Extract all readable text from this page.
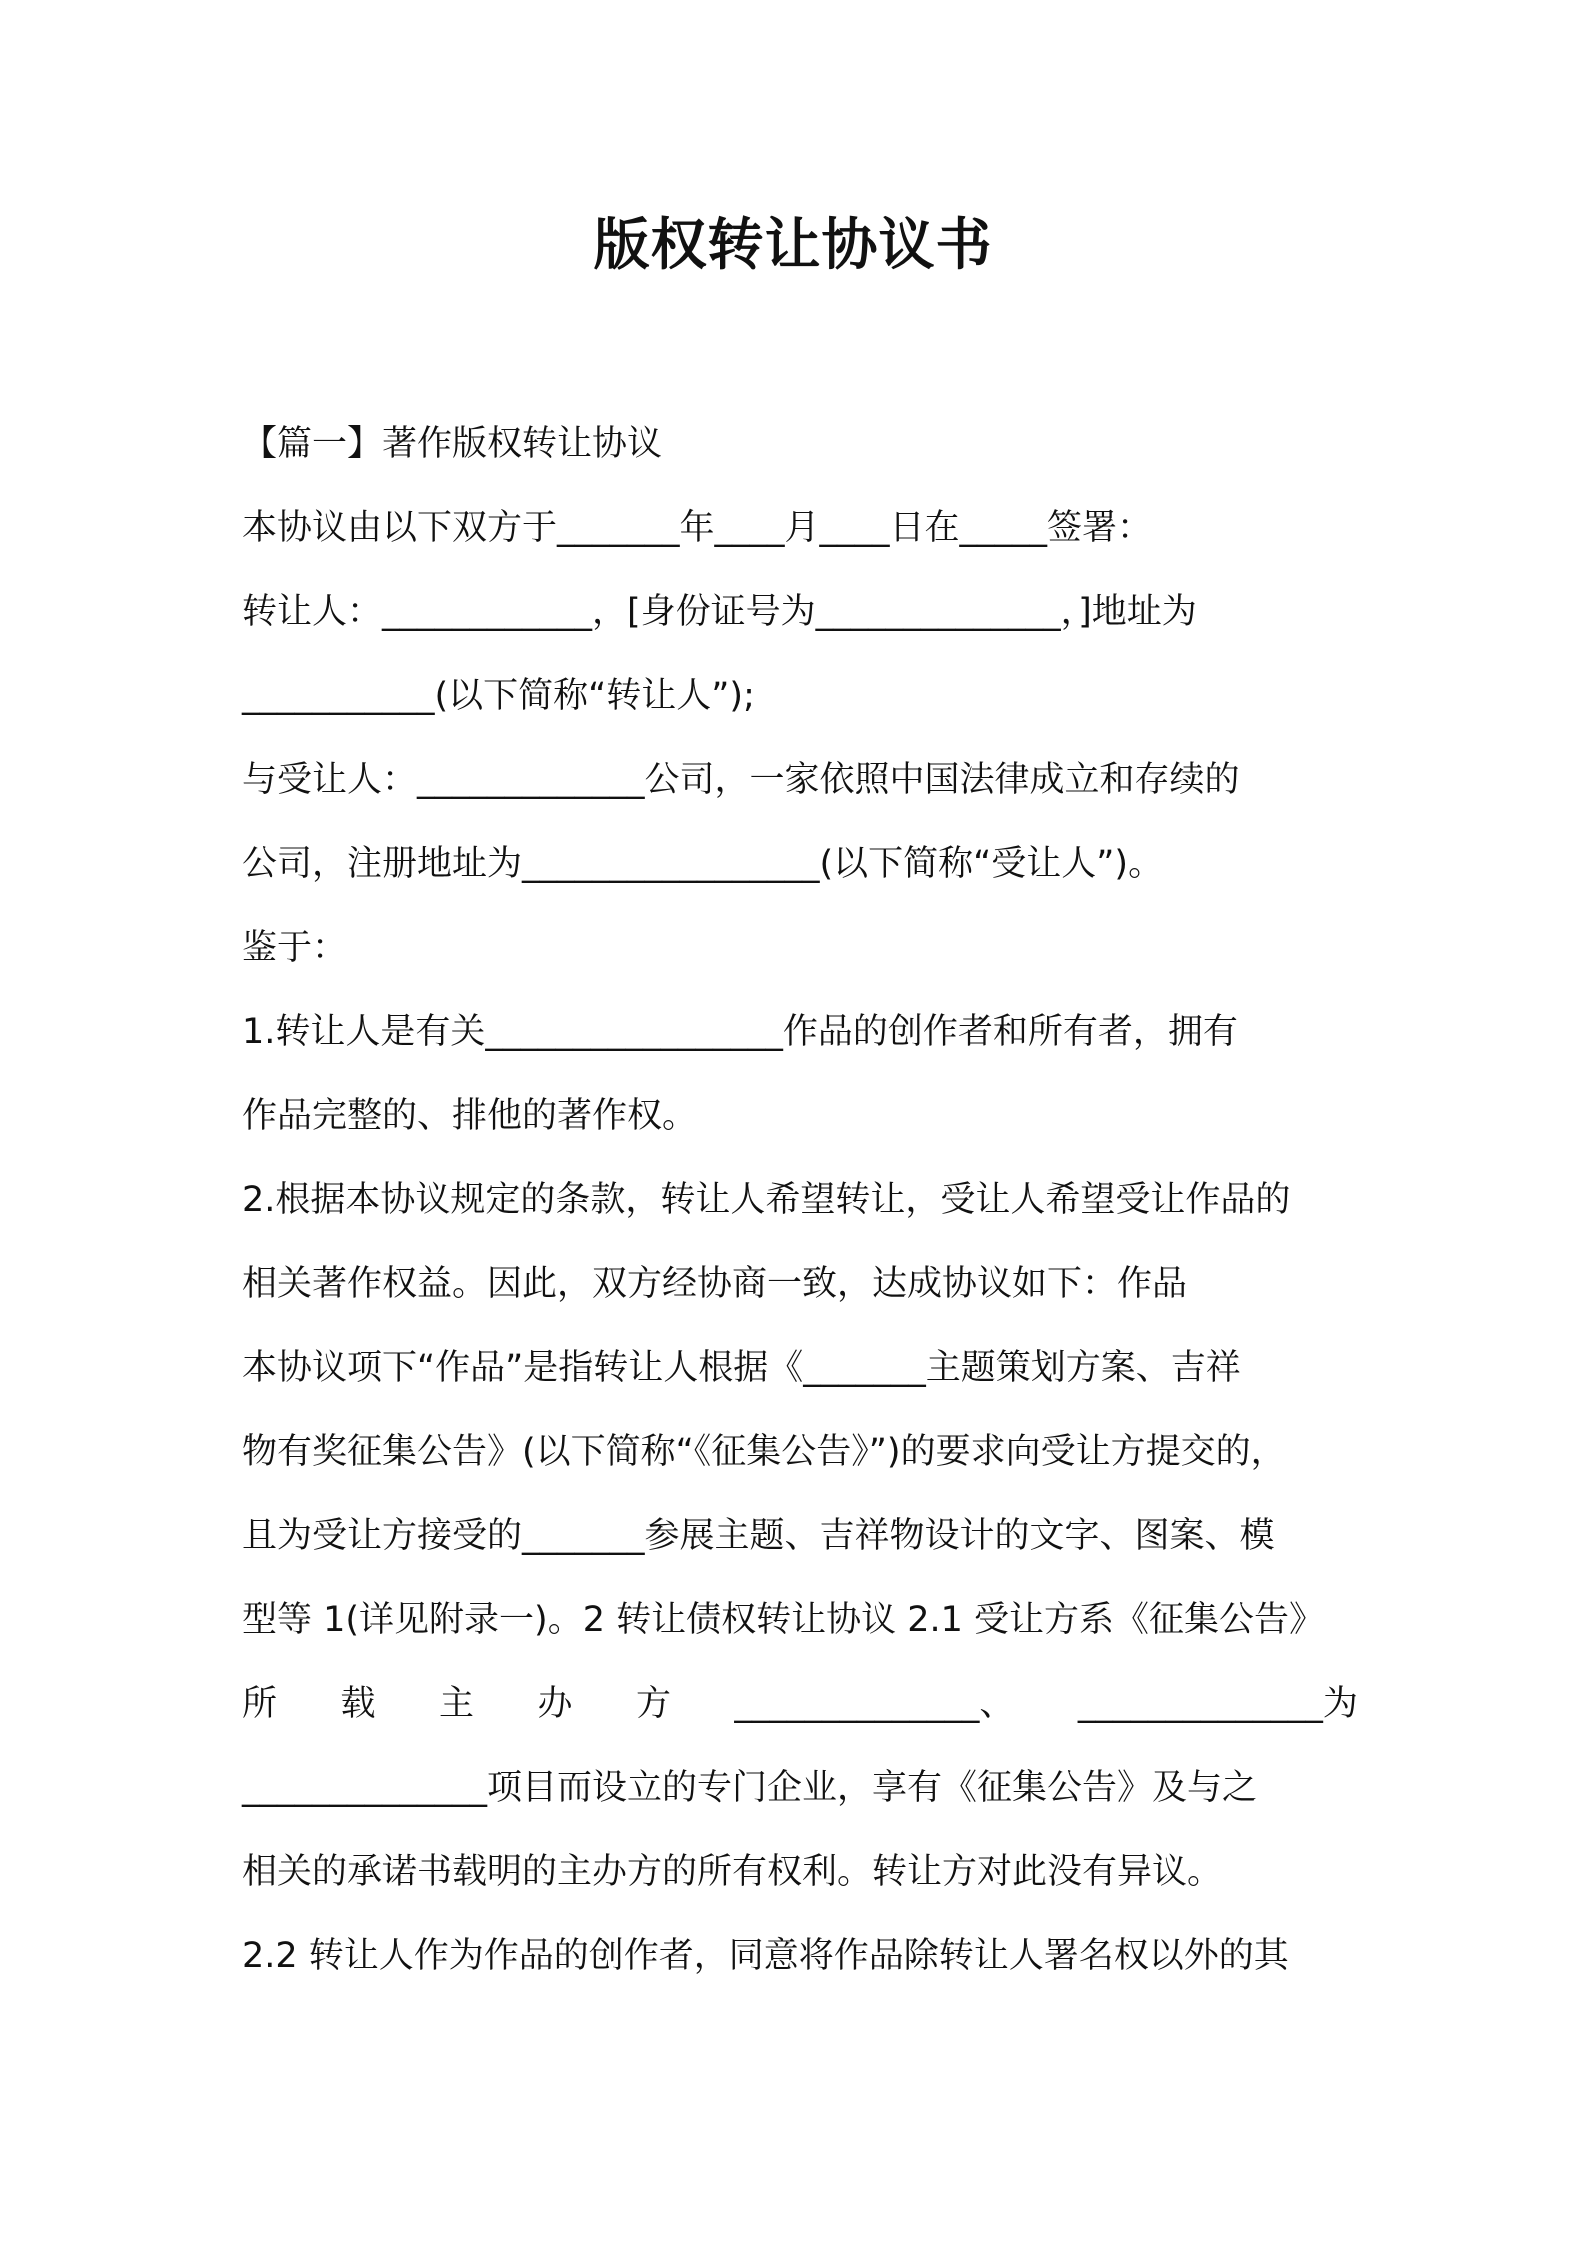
版权转让协议书
【篇一】著作版权转让协议
本协议由以下双方于_______年____月____日在_____签署：
转让人：____________，[身份证号为______________，]地址为
___________(以下简称“转让人”);
与受让人：_____________公司，一家依照中国法律成立和存续的
公司，注册地址为_________________(以下简称“受让人”)。
鉴于：
1.转让人是有关_________________作品的创作者和所有者，拥有
作品完整的、排他的著作权。
2.根据本协议规定的条款，转让人希望转让，受让人希望受让作品的
相关著作权益。因此，双方经协商一致，达成协议如下：作品
本协议项下“作品”是指转让人根据《_______主题策划方案、吉祥
物有奖征集公告》(以下简称“《征集公告》”)的要求向受让方提交的，
且为受让方接受的_______参展主题、吉祥物设计的文字、图案、模
型等 1(详见附录一)。2 转让债权转让协议 2.1 受让方系《征集公告》
所 载 主 办 方 ______________、 ______________为
______________项目而设立的专门企业，享有《征集公告》及与之
相关的承诺书载明的主办方的所有权利。转让方对此没有异议。
2.2 转让人作为作品的创作者，同意将作品除转让人署名权以外的其
